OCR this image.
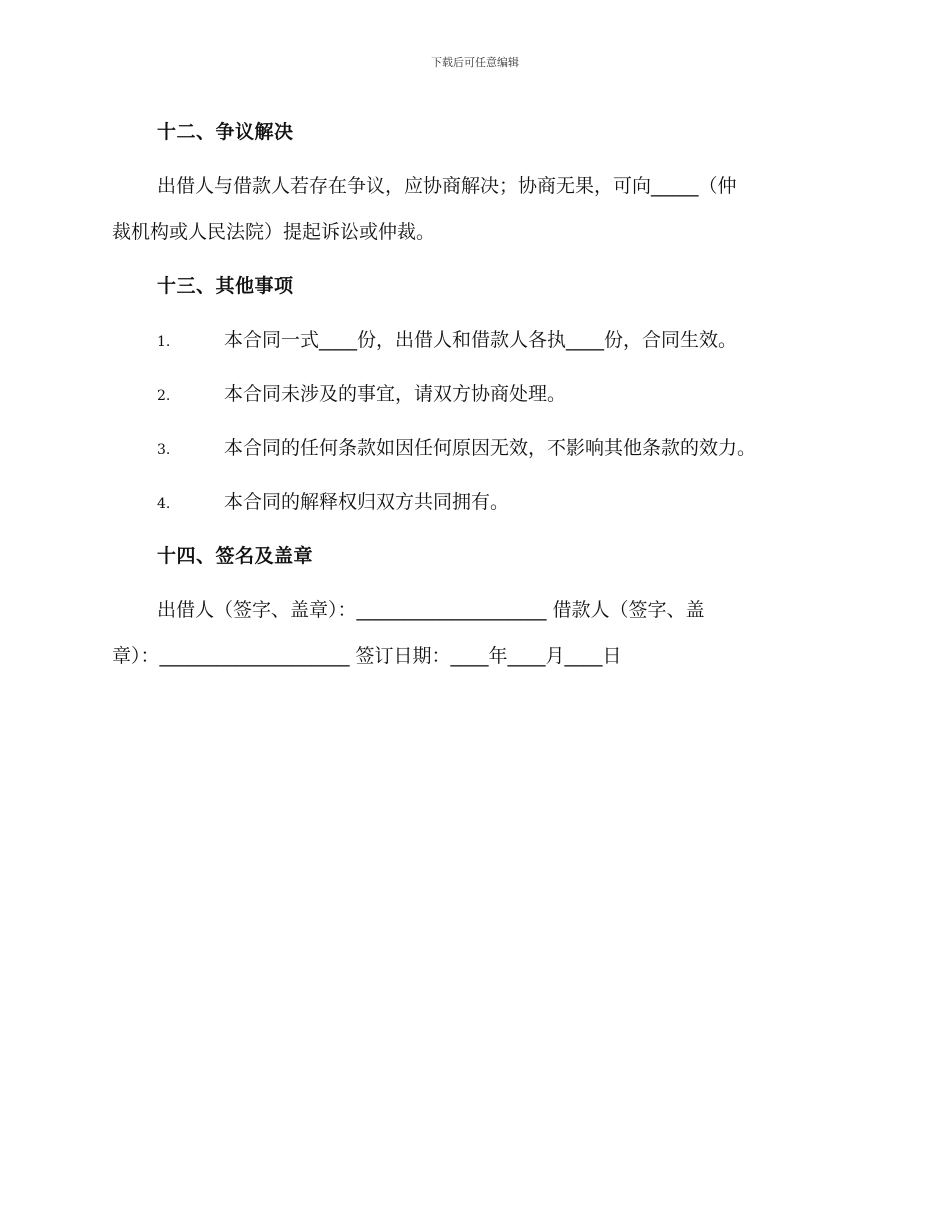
下载后可任意编辑
十二、争议解决
出借人与借款人若存在争议，应协商解决；协商无果，可向_____（仲
裁机构或人民法院）提起诉讼或仲裁。
十三、其他事项
1.	本合同一式____份，出借人和借款人各执____份，合同生效。
2.	本合同未涉及的事宜，请双方协商处理。
3.	本合同的任何条款如因任何原因无效，不影响其他条款的效力。
4.	本合同的解释权归双方共同拥有。
十四、签名及盖章
出借人（签字、盖章）：____________________ 借款人（签字、盖
章）：____________________ 签订日期：____年____月____日
